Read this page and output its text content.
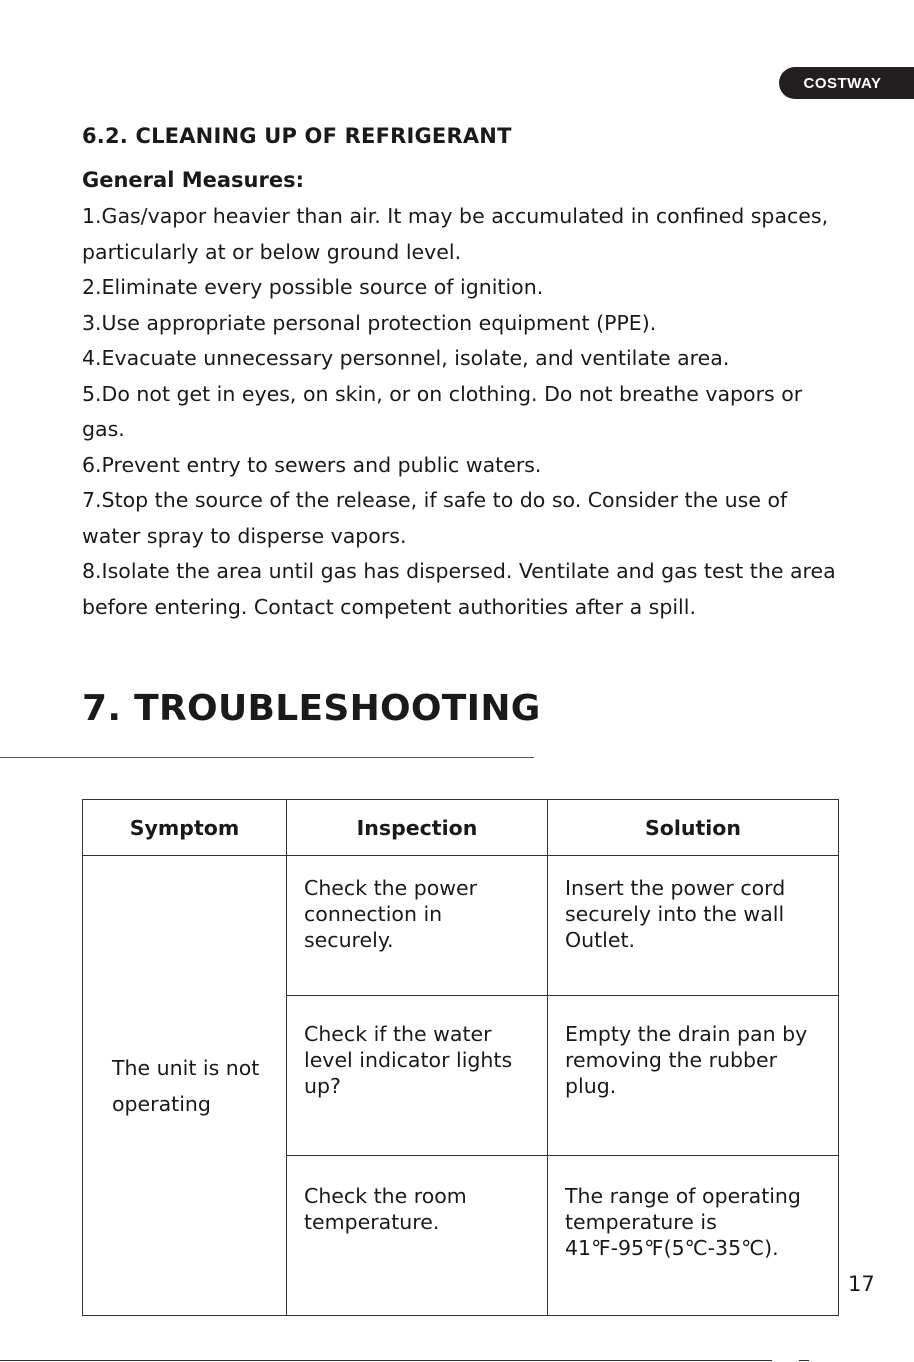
COSTWAY
6.2. CLEANING UP OF REFRIGERANT
General Measures:

1.Gas/vapor heavier than air. It may be accumulated in confined spaces, particularly at or below ground level.

2.Eliminate every possible source of ignition.

3.Use appropriate personal protection equipment (PPE).

4.Evacuate unnecessary personnel, isolate, and ventilate area.

5.Do not get in eyes, on skin, or on clothing. Do not breathe vapors or gas.

6.Prevent entry to sewers and public waters.

7.Stop the source of the release, if safe to do so. Consider the use of water spray to disperse vapors.

8.Isolate the area until gas has dispersed. Ventilate and gas test the area before entering. Contact competent authorities after a spill.

7. TROUBLESHOOTING
Symptom	Inspection	Solution
The unit is not operating	Check the power connection in securely.	Insert the power cord securely into the wall Outlet.

	Check if the water level indicator lights up?	Empty the drain pan by removing the rubber plug.

	Check the room temperature.	The range of operating temperature is 41℉-95℉(5℃-35℃).
17
